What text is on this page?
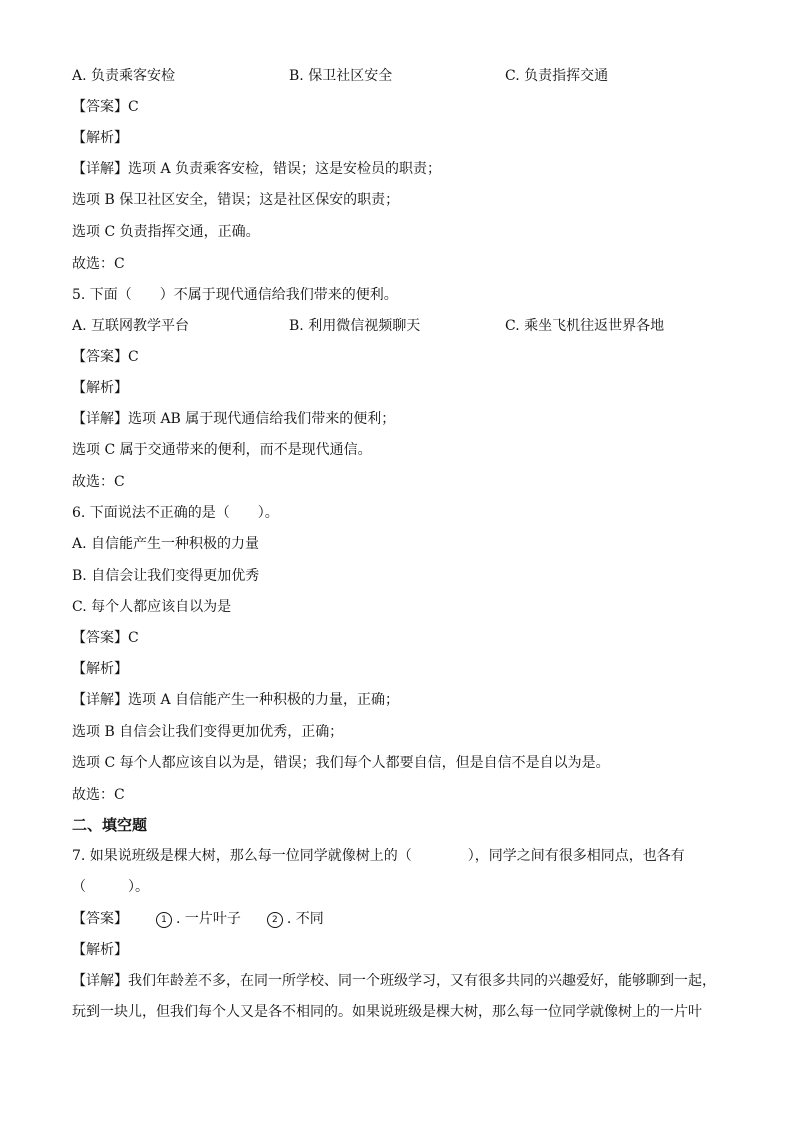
A. 负责乘客安检	B. 保卫社区安全	C. 负责指挥交通
【答案】C
【解析】
【详解】选项 A 负责乘客安检，错误；这是安检员的职责；
选项 B 保卫社区安全，错误；这是社区保安的职责；
选项 C 负责指挥交通，正确。
故选：C
5. 下面（　　）不属于现代通信给我们带来的便利。
A. 互联网教学平台	B. 利用微信视频聊天	C. 乘坐飞机往返世界各地
【答案】C
【解析】
【详解】选项 AB 属于现代通信给我们带来的便利；
选项 C 属于交通带来的便利，而不是现代通信。
故选：C
6. 下面说法不正确的是（　　）。
A. 自信能产生一种积极的力量
B. 自信会让我们变得更加优秀
C. 每个人都应该自以为是
【答案】C
【解析】
【详解】选项 A 自信能产生一种积极的力量，正确；
选项 B 自信会让我们变得更加优秀，正确；
选项 C 每个人都应该自以为是，错误；我们每个人都要自信，但是自信不是自以为是。
故选：C
二、填空题
7. 如果说班级是棵大树，那么每一位同学就像树上的（　　　　），同学之间有很多相同点，也各有
（　　　）。
【答案】	1 . 一片叶子	2 . 不同
【解析】
【详解】我们年龄差不多，在同一所学校、同一个班级学习，又有很多共同的兴趣爱好，能够聊到一起，
玩到一块儿，但我们每个人又是各不相同的。如果说班级是棵大树，那么每一位同学就像树上的一片叶
